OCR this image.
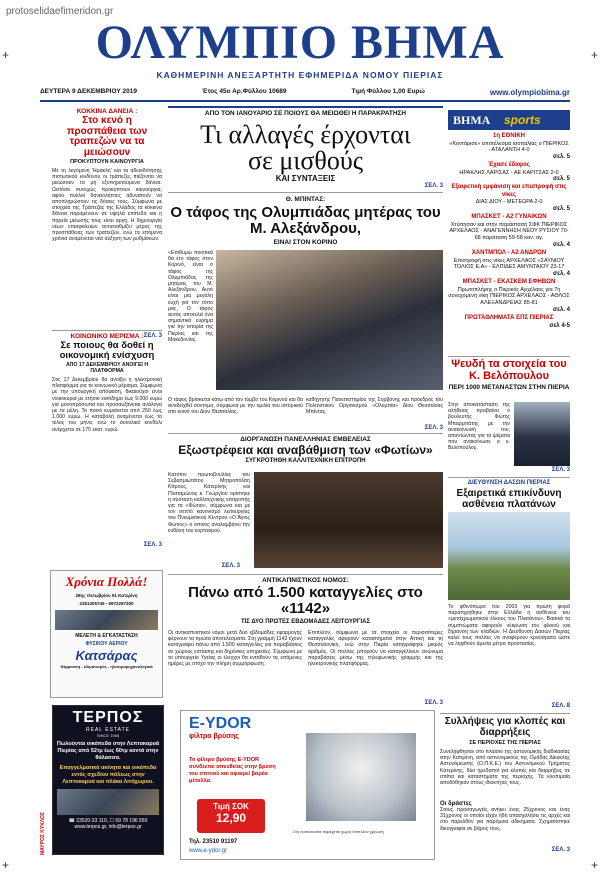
protoselidaefimeridon.gr
+	+
ΟΛΥΜΠΙΟ ΒΗΜΑ
ΚΑΘΗΜΕΡΙΝΗ ΑΝΕΞΑΡΤΗΤΗ ΕΦΗΜΕΡΙΔΑ ΝΟΜΟΥ ΠΙΕΡΙΑΣ
ΔΕΥΤΕΡΑ 9 ΔΕΚΕΜΒΡΙΟΥ 2019	Έτος 45ο Αρ.Φύλλου 10689	Τιμή Φύλλου 1,00 Ευρώ	www.olympiobima.gr
ΚΟΚΚΙΝΑ ΔΑΝΕΙΑ :
Στο κενό η προσπάθεια των τραπεζών να τα μειώσουν
ΠΡΟΚΥΠΤΟΥΝ ΚΑΙΝΟΥΡΓΙΑ
Με τη λεγόμενη 'Ηρακλή' και τα αδειοδότησης πιστωτικού κινδύνου οι τράπεζες πιέζονται να μειώσουν τα μη εξυπηρετούμενα δάνεια. Ωστόσο συνεχώς προκύπτουν καινούργια, αφού πολλοί δανειολήπτες αδυνατούν να αποπληρώσουν τις δόσεις τους. Σύμφωνα με στοιχεία της Τράπεζας της Ελλάδος τα κόκκινα δάνεια παραμένουν σε υψηλά επίπεδα και η πορεία μείωσής τους είναι αργή. Η δημιουργία νέων επισφαλειών αντισταθμίζει μέρος της προσπάθειας των τραπεζών, ενώ τα επόμενα χρόνια αναμένεται νέα αύξηση των ρυθμίσεων.
ΣΕΛ. 3
ΚΟΙΝΩΝΙΚΟ ΜΕΡΙΣΜΑ :
Σε ποιους θα δοθεί η οικονομική ενίσχυση
ΑΠΟ 17 ΔΕΚΕΜΒΡΙΟΥ ΑΝΟΙΓΕΙ Η ΠΛΑΤΦΟΡΜΑ
Στις 17 Δεκεμβρίου θα ανοίξει η ηλεκτρονική πλατφόρμα για το κοινωνικό μέρισμα. Σύμφωνα με την υπουργική απόφαση, δικαιούχοι είναι νοικοκυριά με ετήσιο εισόδημα έως 9.000 ευρώ για μονοπρόσωπα και προσαυξάνεται ανάλογα με τα μέλη. Το ποσό κυμαίνεται από 250 έως 1.000 ευρώ. Η καταβολή αναμένεται έως το τέλος του μήνα, ενώ το συνολικό κονδύλι ανέρχεται σε 175 εκατ. ευρώ.
ΣΕΛ. 3
Χρόνια Πολλά!
28ης Οκτωβρίου 51 Κατερίνη
2351305745 - 6972297300
ΜΕΛΕΤΗ & ΕΓΚΑΤΑΣΤΑΣΗ
ΦΥΣΙΚΟΥ ΑΕΡΙΟΥ
Κατσάρας
Θέρμανση - κλιματισμός - ηλεκτρομηχανολογικά
ΜΑΥΡΟΣ ΚΥΚΛΟΣ
ΤΕΡΠΟΣ
REAL ESTATE
SINCE 1986
Πωλούνται οικόπεδα στην Λεπτοκαρυά Πιερίας από 52τμ έως 60τμ κοντά στην θάλασσα.
Επαγγελματικά ακίνητα και οικόπεδα εντός σχεδίου πόλεως στην Λεπτοκαρυά και πλάκα Λιτόχωρου.
☎ 23520-33 110, ☐ 69 78 196 550
www.terpos.gr, info@terpos.gr
ΑΠΟ ΤΟΝ ΙΑΝΟΥΑΡΙΟ ΣΕ ΠΟΙΟΥΣ ΘΑ ΜΕΙΩΘΕΙ Η ΠΑΡΑΚΡΑΤΗΣΗ
Τι αλλαγές έρχονται σε μισθούς
ΚΑΙ ΣΥΝΤΑΞΕΙΣ
ΣΕΛ. 3
Θ. ΜΠΙΝΤΑΣ:
Ο τάφος της Ολυμπιάδας μητέρας του Μ. Αλεξάνδρου,
ΕΙΝΑΙ ΣΤΟΝ ΚΟΡΙΝΟ
«Επιθυμώ ποιοτικά θα έτο τάφος στον Κορινό, είναι ο τάφος της Ολυμπιάδας της μητέρας του Μ. Αλεξάνδρου. Αυτό είναι μια μεγάλη ευχή για τον τόπο μας. Ο τάφος αυτός αποτελεί ένα σημαντικό ευρήμα για την ιστορία της Πιερίας και της Μακεδονίας.
Ο τάφος βρίσκεται κάτω από τον τύμβο του Κορινού και θα αναδειχθεί σύντομα, σύμφωνα με την ομιλία του ιστορικού στο κοινό του Δίου Θεσσαλίας.
καθηγητής Πανεπιστημίου της Σορβόνης και πρόεδρος του Πολιτιστικού Οργανισμού «Ολυμπία» Δίου Θεσσαλίας Μπίντας.
ΣΕΛ. 3
ΔΙΟΡΓΑΝΩΣΗ ΠΑΝΕΛΛΗΝΙΑΣ ΕΜΒΕΛΕΙΑΣ
Εξωστρέφεια και αναβάθμιση των «Φωτίων»
ΣΥΓΚΡΟΤΗΘΗ ΚΑΛΛΙΤΕΧΝΙΚΗ ΕΠΙΤΡΟΠΗ
Κατόπιν πρωτοβουλίας του Σεβασμιωτάτου Μητροπολίτη Κίτρους, Κατερίνης και Πλαταμώνος κ. Γεωργίου ορίστηκε η σύσταση καλλιτεχνικής επιτροπής για τα «Φώτια», σύμφωνα και με τον σεπτό κανονισμό λειτουργίας του Πνευματικού Κέντρου «Ο Άγιος Φώτιος» ο οποίος αναλαμβάνει την ευθύνη του εορτασμού.
ΣΕΛ. 3
ΑΝΤΙΚΑΠΝΙΣΤΙΚΟΣ ΝΟΜΟΣ:
Πάνω από 1.500 καταγγελίες στο «1142»
ΤΙΣ ΔΥΟ ΠΡΩΤΕΣ ΕΒΔΟΜΑΔΕΣ ΛΕΙΤΟΥΡΓΙΑΣ
Οι αντικαπνιστικοί νόμοι μετά δύο εβδομάδες εφαρμογής φέρνουν τα πρώτα αποτελέσματα. Στη γραμμή 1142 έχουν καταγραφεί πάνω από 1.500 καταγγελίες για παραβιάσεις σε χώρους εστίασης και δημόσιες υπηρεσίες. Σύμφωνα με το υπουργείο Υγείας οι έλεγχοι θα ενταθούν τις επόμενες ημέρες με στόχο την πλήρη συμμόρφωση.
Επιπλέον, σύμφωνα με τα στοιχεία οι περισσότερες καταγγελίες αφορούν καταστήματα στην Αττική και τη Θεσσαλονίκη, ενώ στην Πιερία καταγράφηκε μικρός αριθμός. Οι πολίτες μπορούν να καταγγέλλουν ανώνυμα παραβάσεις μέσω της τηλεφωνικής γραμμής και της ηλεκτρονικής πλατφόρμας.
ΣΕΛ. 3
E-YDOR
φίλτρο βρύσης
Το φίλτρο βρύσης E-YDOR συνδέεται απευθείας στην βρύση του σπιτιού και αφαιρεί βαρέα μέταλλα.
Τιμή ΣΟΚ
12,90
Τηλ. 23510 91197
www.e-ydor.gr
Στη συσκευασία παρέχεται χωρίς επιπλέον χρέωση
ΒΗΜΑ sports
1η ΕΘΝΙΚΗ
«Κοντάρισε» αποτέλεσμα ισοπαλίας ο ΠΙΕΡΙΚΟΣ - ΑΤΑΛΑΝΤΗ 4-0
σελ. 5
Έχασε έδαφος
ΗΡΑΚΛΗΣ ΛΑΡΙΣΑΣ - ΑΕ ΚΑΡΙΤΣΑΣ 2-0
σελ. 5
Εξαιρετική εμφάνιση και επιστροφή στις νίκες
ΔΙΑΣ ΔΙΟΥ - ΜΕΤΕΩΡΑ 2-0
σελ. 5
ΜΠΑΣΚΕΤ - Α2 ΓΥΝΑΙΚΩΝ
Χτύπησαν και στην παράσταση ΣΦΚ ΠΙΕΡΙΚΟΣ ΑΡΧΕΛΑΟΣ - ΑΝΑΓΕΝΝΗΣΗ ΝΕΟΥ ΡΥΣΙΟΥ 70-68 παράταση 59-58 καν. αγ.
σελ. 4
ΧΑΝΤΜΠΟΛ - Α2 ΑΝΔΡΩΝ
Επιστροφή στις νίκες ΑΡΧΕΛΑΟΣ «ΣΑΥΝΙΟΥ ΤΟΛΙΟΣ Ε.Α» - ΕΛΠΙΔΕΣ ΑΜΥΝΤΑΙΟΥ 23-17
σελ. 4
ΜΠΑΣΚΕΤ - ΕΚΑΣΚΕΜ ΕΦΗΒΩΝ
Πρωτοπλήρης ο Πιερικός Αρχέλαος για 7η συνεχόμενη νίκη ΠΙΕΡΙΚΟΣ ΑΡΧΕΛΑΟΣ - ΑΘΛΟΣ ΑΛΕΞΑΝΔΡΕΙΑΣ 85-81
σελ. 4
ΠΡΩΤΑΘΛΗΜΑΤΑ ΕΠΣ ΠΙΕΡΙΑΣ
σελ 4-5
Ψευδή τα στοιχεία του Κ. Βελόπουλου
ΠΕΡΙ 1000 ΜΕΤΑΝΑΣΤΩΝ ΣΤΗΝ ΠΙΕΡΙΑ
Στην αποκατάσταση της αλήθειας προβαίνει ο βουλευτής Φώτης Μπαρμπάτης με την ανακοίνωσή του, απαντώντας για τα ψέματα που ανακοίνωσε ο κ. Βελόπουλος.
ΣΕΛ. 3
ΔΙΕΥΘΥΝΣΗ ΔΑΣΩΝ ΠΙΕΡΙΑΣ
Εξαιρετικά επικίνδυνη ασθένεια πλατάνων
Το φθινόπωρο του 2003 για πρώτη φορά παρατηρήθηκε στην Ελλάδα η ασθένεια του «μεταχρωματικού έλκους του Πλατάνου». Βασικά τα συμπτώματα αφορούν νέκρωση του φλοιού και ξήρανση των κλαδιών. Η Διεύθυνση Δασών Πιερίας καλεί τους πολίτες να αναφέρουν κρούσματα ώστε να ληφθούν άμεσα μέτρα προστασίας.
ΣΕΛ. 8
Συλλήψεις για κλοπές και διαρρήξεις
ΣΕ ΠΕΡΙΟΧΕΣ ΤΗΣ ΠΙΕΡΙΑΣ
Συνελήφθησαν στο πλαίσιο της αστυνομικής διαδικασίας στην Κατερίνη, από αστυνομικούς της Ομάδας Δίκυκλης Αστυνόμευσης (Ο.Π.Κ.Ε.) του Αστυνομικού Τμήματος Κατερίνης, δύο ημεδαποί για κλοπές και διαρρήξεις σε σπίτια και καταστήματα της περιοχής. Τα κλοπιμαία αποδόθηκαν στους ιδιοκτήτες τους.
Οι δράστες
Στους προσαγωγείς ανήκει ένας 25χρονος και ένας 31χρονος οι οποίοι είχαν ήδη απασχολήσει τις αρχές και στο παρελθόν για παρόμοια αδικήματα. Σχηματίστηκε δικογραφία σε βάρος τους.
ΣΕΛ. 3
+	+
